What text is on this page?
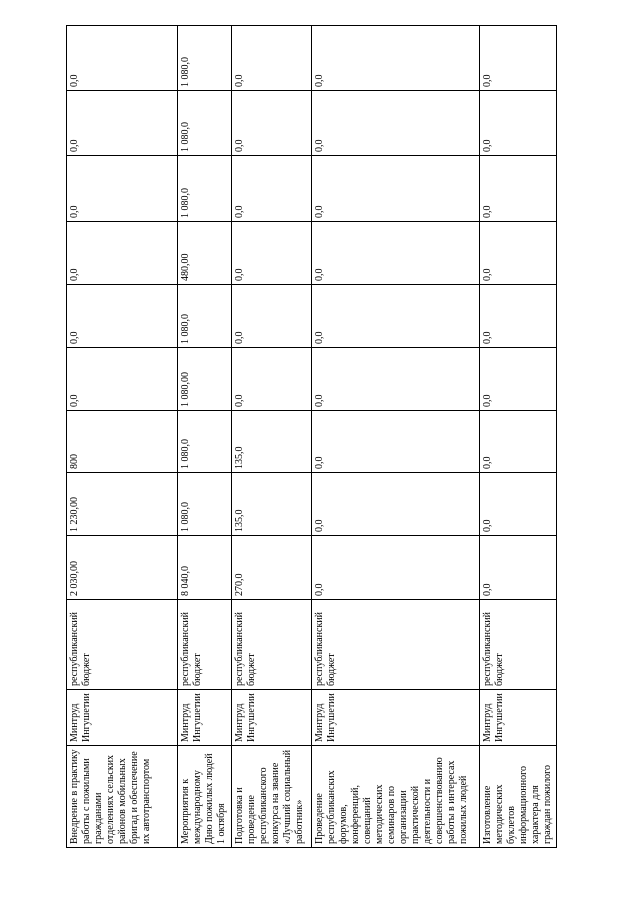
Внедрение в практику работы с пожилыми гражданами отделениях сельских районов мобильных бригад и обеспечение их автотранспортом	Минтруд Ингушетии	республиканский бюджет	2 030,00	1 230,00	800	0,0	0,0	0,0	0,0	0,0	0,0
Мероприятия к международному Дню пожилых людей 1 октября	Минтруд Ингушетии	республиканский бюджет	8 040,0	1 080,0	1 080,0	1 080,00	1 080,0	480,00	1 080,0	1 080,0	1 080,0
Подготовка и проведение республиканского конкурса на звание «Лучший социальный работник»	Минтруд Ингушетии	республиканский бюджет	270,0	135,0	135,0	0,0	0,0	0,0	0,0	0,0	0,0
Проведение республиканских форумов, конференций, совещаний методических семинаров по организации практической деятельности и совершенствованию работы в интересах пожилых людей	Минтруд Ингушетии	республиканский бюджет	0,0	0,0	0,0	0,0	0,0	0,0	0,0	0,0	0,0
Изготовление методических буклетов информационного характера для граждан пожилого	Минтруд Ингушетии	республиканский бюджет	0,0	0,0	0,0	0,0	0,0	0,0	0,0	0,0	0,0
